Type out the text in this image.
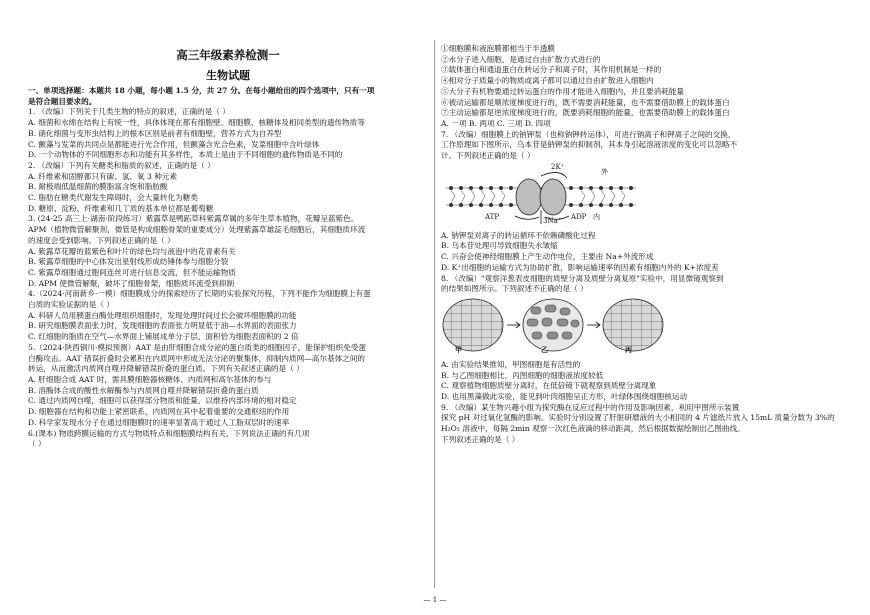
高三年级素养检测一
生物试题
一、单项选择题：本题共 18 小题，每小题 1.5 分，共 27 分。在每小题给出的四个选项中，只有一项
是符合题目要求的。
1. （改编）下列关于几类生物的特点的叙述，正确的是（ ）
A. 细菌和水绵在结构上有统一性，具体体现在都有细胞壁、细胞膜、核糖体及相同类型的遗传物质等
B. 硝化细菌与变形虫结构上的根本区别是前者有细胞壁，营养方式为自养型
C. 颤藻与发菜的共同点是都能进行光合作用，但颤藻含光合色素，发菜细胞中含叶绿体
D. 一个动物体的不同细胞形态和功能有其多样性，本质上是由于不同细胞的遗传物质是不同的
2. （改编）下列有关糖类和脂质的叙述，正确的是（ ）
A. 纤维素和固醇都只有碳、氢、氧 3 种元素
B. 耐极端低温细菌的膜脂富含饱和脂肪酸
C. 脂肪在糖类代谢发生障碍时，会大量转化为糖类
D. 糖原、淀粉、纤维素和几丁质的基本单位都是葡萄糖
3. (24-25 高三上·湖南·阶段练习）紫露草是鸭跖草科紫露草属的多年生草本植物，花瓣呈蓝紫色。
APM（植物微管解聚剂，微管是构成细胞骨架的重要成分）处理紫露草雄蕊毛细胞后，其细胞质环流
的速度会受到影响。下列叙述正确的是（ ）
A. 紫露草花瓣的蓝紫色和叶片的绿色均与液泡中的花青素有关
B. 紫露草细胞的中心体发出星射线形成纺锤体参与细胞分裂
C. 紫露草细胞通过胞间连丝可进行信息交流，但不能运输物质
D. APM 使微管解聚，破坏了细胞骨架，细胞质环流受到抑制
4.（2024·河南新乡·一模）细胞膜成分的探索经历了长期的实验探究历程，下列不能作为细胞膜上有蛋
白质的实验证据的是（ ）
A. 科研人员用胰蛋白酶处理组织细胞时，发现处理时间过长会破坏细胞膜的功能
B. 研究细胞膜表面张力时，发现细胞的表面张力明显低于油—水界面的表面张力
C. 红细胞的脂质在空气—水界面上铺展成单分子层，面积恰为细胞表面积的 2 倍
5.（2024·陕西铜川·模拟预测）AAT 是由肝细胞合成分泌的蛋白质类的细胞因子，能保护组织免受蛋
白酶攻击。AAT 错误折叠时会累积在内质网中形成无法分泌的聚集体，抑制内质网—高尔基体之间的
转运，从而激活内质网自噬并降解错误折叠的蛋白质。下列有关叙述正确的是（ ）
A. 肝细胞合成 AAT 时，需具膜细胞器核糖体、内质网和高尔基体的参与
B. 溶酶体合成的酸性水解酶参与内质网自噬并降解错误折叠的蛋白质
C. 通过内质网自噬，细胞可以获得部分物质和能量，以维持内部环境的相对稳定
D. 细胞器在结构和功能上紧密联系，内质网在其中起着重要的交通枢纽的作用
D. 科学家发现水分子在通过细胞膜时的速率显著高于通过人工脂双层时的速率
6.(课本) 物质跨膜运输的方式与物质特点和细胞膜结构有关，下列说法正确的有几项
（ ）
①细胞膜和液泡膜都相当于半透膜
②水分子进入细胞，是通过自由扩散方式进行的
③载体蛋白和通道蛋白在转运分子和离子时，其作用机制是一样的
④相对分子质量小的物质或离子都可以通过自由扩散进入细胞内
⑤大分子有机物要通过转运蛋白的作用才能进入细胞内，并且要消耗能量
⑥被动运输都是顺浓度梯度进行的，既不需要消耗能量，也不需要借助膜上的载体蛋白
⑦主动运输都是逆浓度梯度进行的，既要消耗细胞的能量，也需要借助膜上的载体蛋白
A. 一项 B. 两项 C. 三项 D. 四项
7. （改编）细胞膜上的钠钾泵（也称钠钾转运体），可进行钠离子和钾离子之间的交换，
工作原理如下图所示，乌本苷是钠钾泵的抑制剂，其本身引起溶液浓度的变化可以忽略不
计。下列叙述正确的是（ ）
2K⁺
外
ATP	3Na⁺ ADP 内
A. 钠钾泵对离子的转运循环不依赖磷酸化过程
B. 乌本苷处理可导致细胞失水皱缩
C. 兴奋会使神经细胞膜上产生动作电位，主要由 Na+外流形成
D. K⁺出细胞的运输方式为协助扩散，影响运输速率的因素有细胞内外的 K+浓度差
8. （改编）"观察洋葱表皮细胞的质壁分离及质壁分离复原"实验中，用显微镜观察到
的结果如图所示。下列叙述不正确的是（ ）
甲	乙	丙
A. 由实验结果推知，甲图细胞是有活性的
B. 与乙图细胞相比，丙图细胞的细胞液浓度较低
C. 观察植物细胞质壁分离时，在低倍镜下就观察到质壁分离现象
D. 也用黑藻做此实验，能见到叶肉细胞呈正方形，叶绿体围绕细胞核运动
9. （改编）某生物兴趣小组为探究酶在反应过程中的作用及影响因素，利用甲图所示装置
探究 pH 对过氧化氢酶的影响。实验时分别设置了肝脏研磨液的大小相同的 4 片滤纸片放入 15mL 质量分数为 3%的
H₂O₂ 溶液中，每隔 2min 观察一次红色液滴的移动距离，然后根据数据绘制出乙图曲线。
下列叙述正确的是（ ）
— 1 —
